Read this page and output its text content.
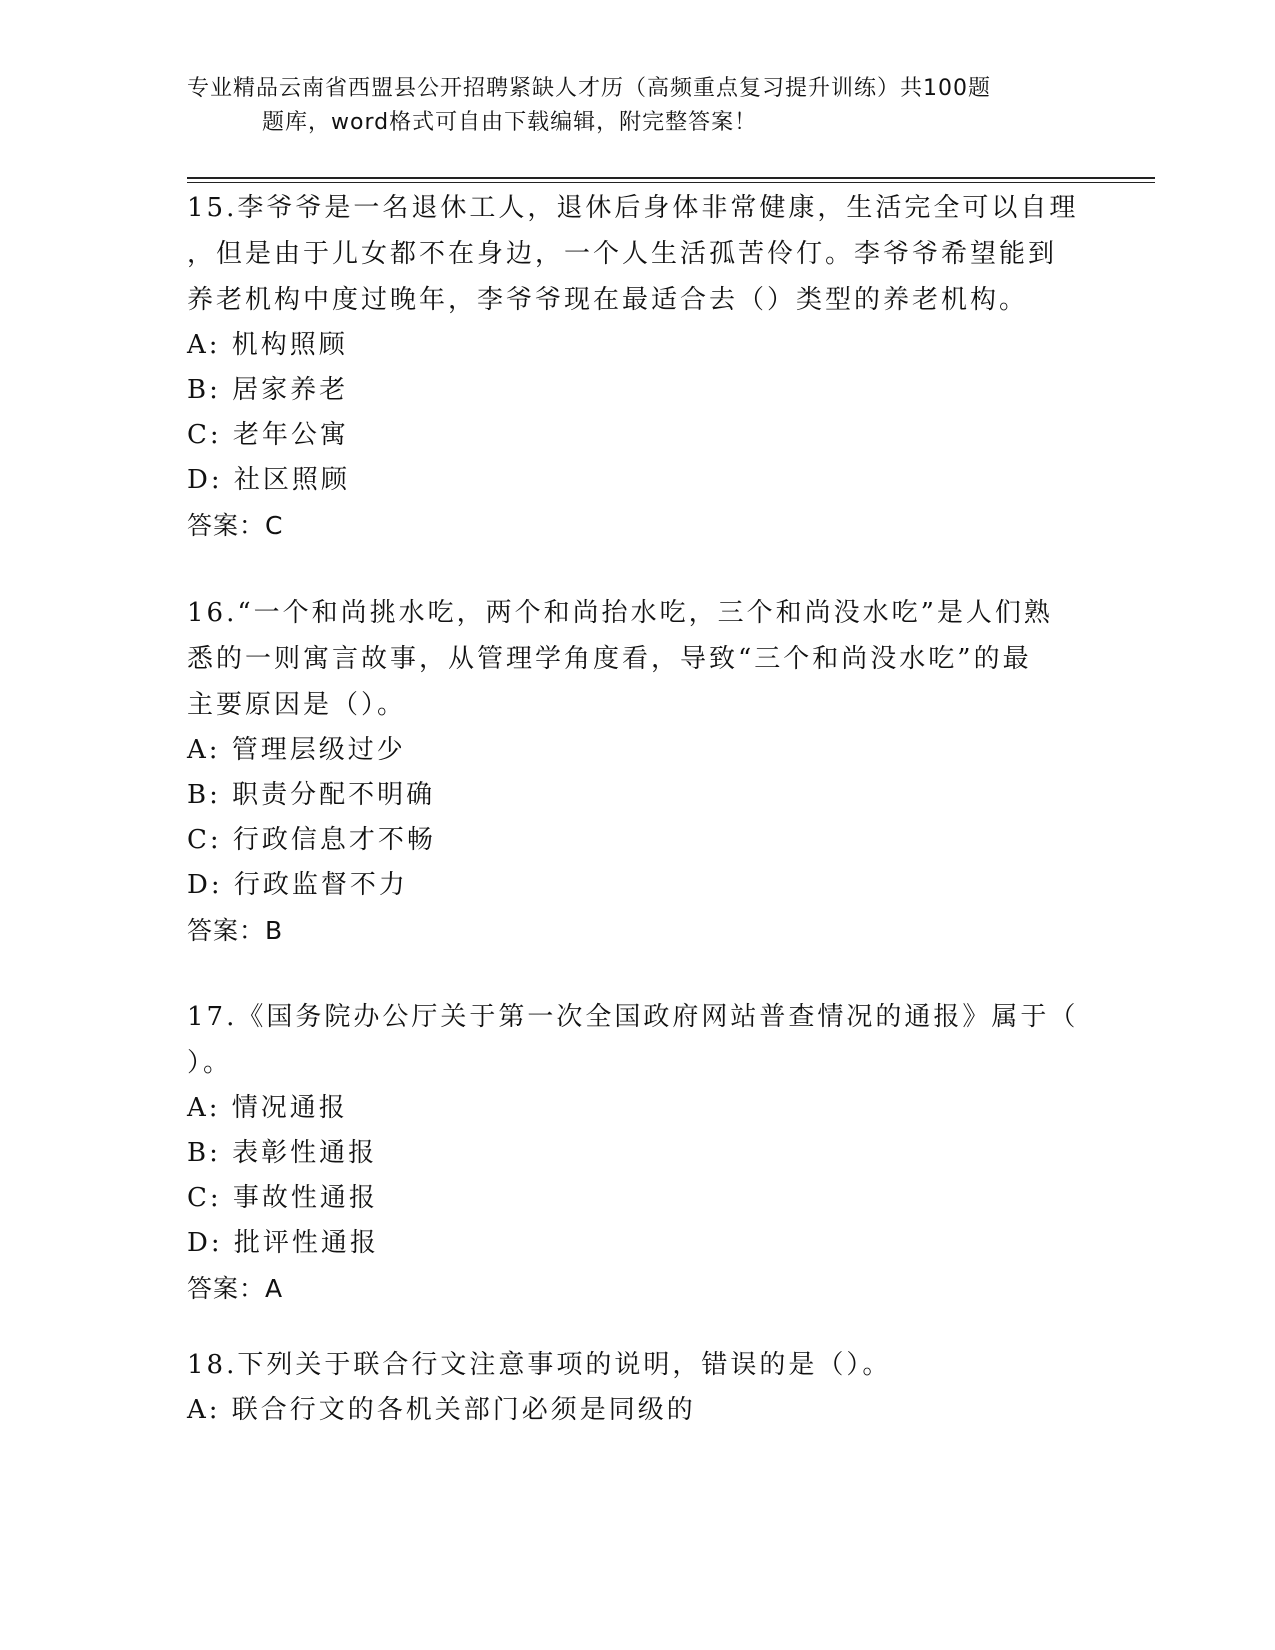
专业精品云南省西盟县公开招聘紧缺人才历（高频重点复习提升训练）共100题
题库，word格式可自由下载编辑，附完整答案！
15.李爷爷是一名退休工人，退休后身体非常健康，生活完全可以自理
，但是由于儿女都不在身边，一个人生活孤苦伶仃。李爷爷希望能到
养老机构中度过晚年，李爷爷现在最适合去（）类型的养老机构。
A: 机构照顾
B: 居家养老
C: 老年公寓
D: 社区照顾
答案：C
16.“一个和尚挑水吃，两个和尚抬水吃，三个和尚没水吃”是人们熟
悉的一则寓言故事，从管理学角度看，导致“三个和尚没水吃”的最
主要原因是（）。
A: 管理层级过少
B: 职责分配不明确
C: 行政信息才不畅
D: 行政监督不力
答案：B
17.《国务院办公厅关于第一次全国政府网站普查情况的通报》属于（
）。
A: 情况通报
B: 表彰性通报
C: 事故性通报
D: 批评性通报
答案：A
18.下列关于联合行文注意事项的说明，错误的是（）。
A: 联合行文的各机关部门必须是同级的
